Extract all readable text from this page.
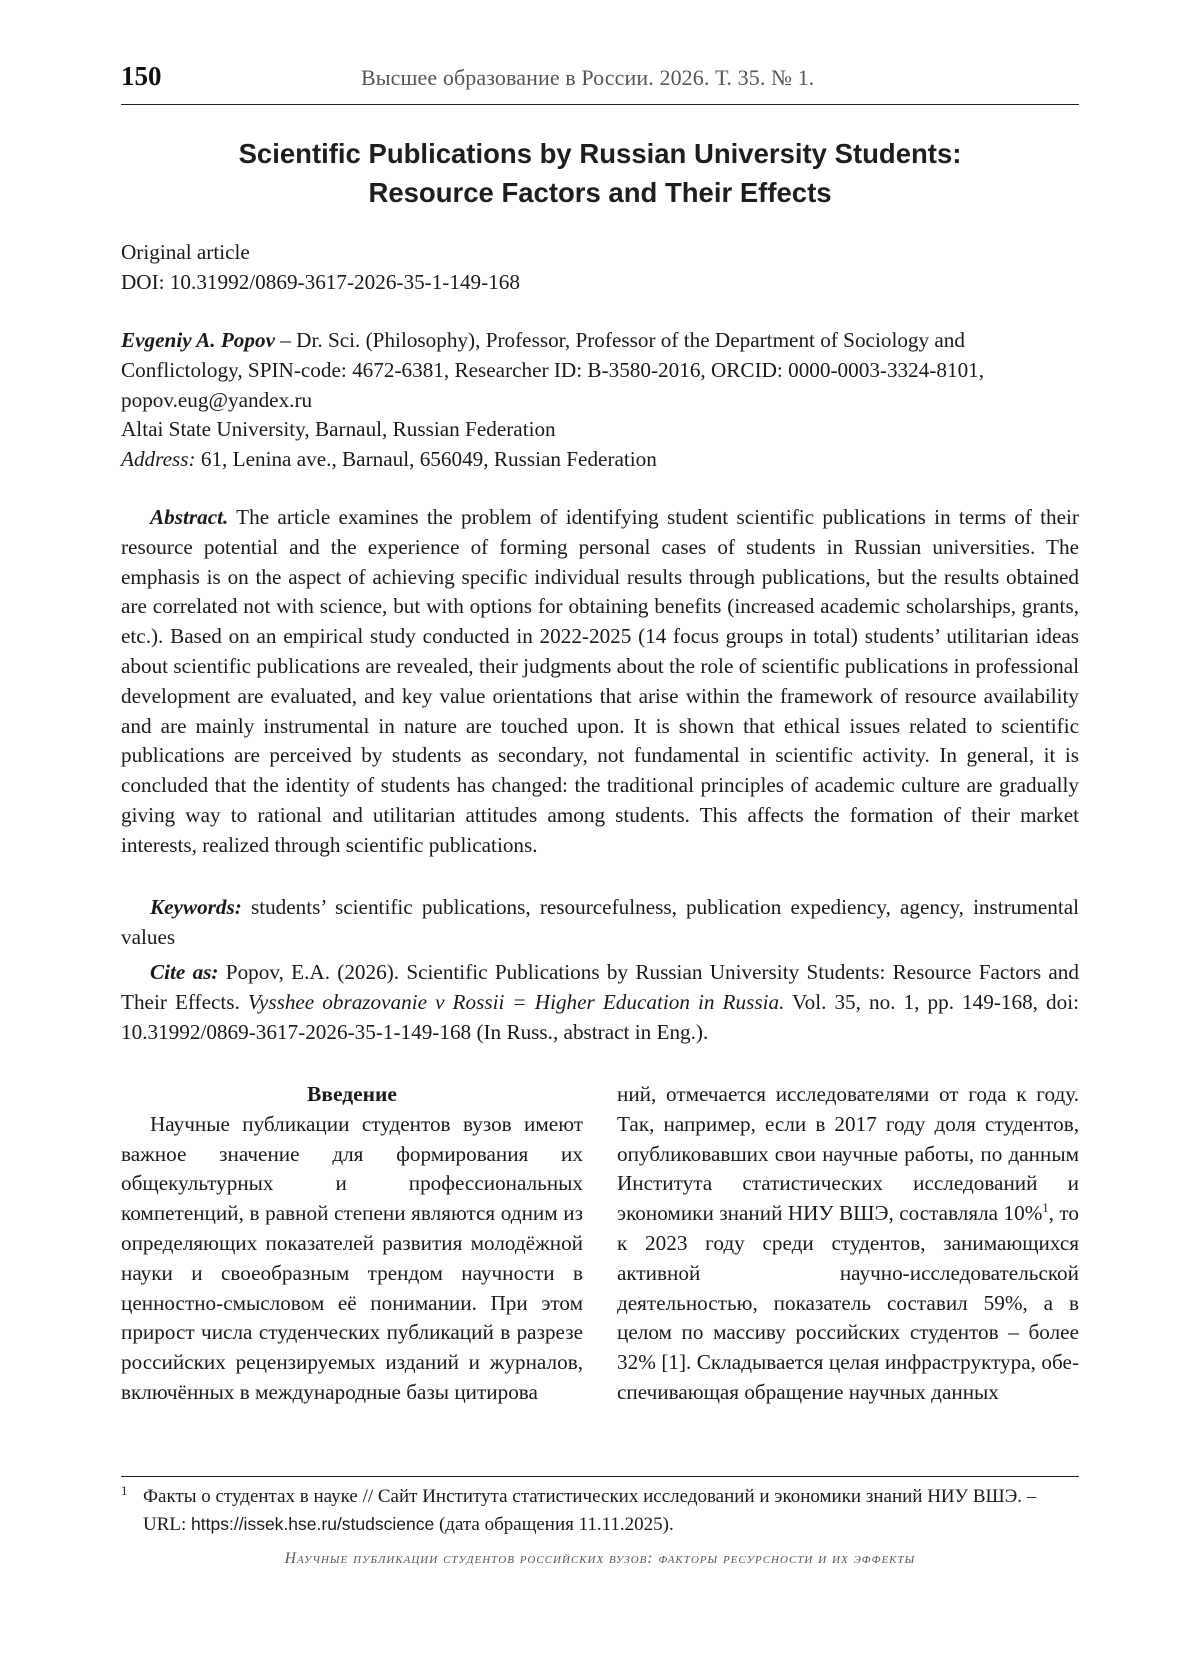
150	Высшее образование в России. 2026. Т. 35. № 1.
Scientific Publications by Russian University Students:
Resource Factors and Their Effects
Original article
DOI: 10.31992/0869-3617-2026-35-1-149-168
Evgeniy A. Popov – Dr. Sci. (Philosophy), Professor, Professor of the Department of Sociology and Conflictology, SPIN-code: 4672-6381, Researcher ID: B-3580-2016, ORCID: 0000-0003-3324-8101, popov.eug@yandex.ru
Altai State University, Barnaul, Russian Federation
Address: 61, Lenina ave., Barnaul, 656049, Russian Federation

Abstract. The article examines the problem of identifying student scientific publications in terms of their resource potential and the experience of forming personal cases of students in Russian universities. The emphasis is on the aspect of achieving specific individual results through publications, but the results obtained are correlated not with science, but with options for obtaining benefits (increased academic scholarships, grants, etc.). Based on an empirical study conducted in 2022-2025 (14 focus groups in total) students’ utilitarian ideas about scientific publications are revealed, their judgments about the role of scientific publications in professional development are evaluated, and key value orientations that arise within the framework of resource availability and are mainly instrumental in nature are touched upon. It is shown that ethical issues related to scientific publications are perceived by students as secondary, not fundamental in scientific activity. In general, it is concluded that the identity of students has changed: the traditional principles of academic culture are gradually giving way to rational and utilitarian attitudes among students. This affects the formation of their market interests, realized through scientific publications.

Keywords: students’ scientific publications, resourcefulness, publication expediency, agency, instrumental values

Cite as: Popov, E.A. (2026). Scientific Publications by Russian University Students: Resource Factors and Their Effects. Vysshee obrazovanie v Rossii = Higher Education in Russia. Vol. 35, no. 1, pp. 149-168, doi: 10.31992/0869-3617-2026-35-1-149-168 (In Russ., abstract in Eng.).

Введение

Научные публикации студентов вузов имеют важное значение для формирования их общекультурных и профессиональных компетенций, в равной степени являются одним из определяющих показателей развития молодёжной науки и своеобразным трендом научности в ценностно-смысловом её понимании. При этом прирост числа студенческих публикаций в разрезе российских рецензируемых изданий и журналов, включённых в международные базы цитирова

ний, отмечается исследователями от года к году. Так, например, если в 2017 году доля студентов, опубликовавших свои научные работы, по данным Института статистических исследований и экономики знаний НИУ ВШЭ, составляла 10%$^1$, то к 2023 году среди студентов, занимающихся активной научно-исследовательской деятельностью, показатель составил 59%, а в целом по массиву российских студентов – более 32% [1]. Складывается целая инфраструктура, обеспечивающая обращение научных данных

1 Факты о студентах в науке // Сайт Института статистических исследований и экономики знаний НИУ ВШЭ. – URL: https://issek.hse.ru/studscience (дата обращения 11.11.2025).
Научные публикации студентов российских вузов: факторы ресурсности и их эффекты
